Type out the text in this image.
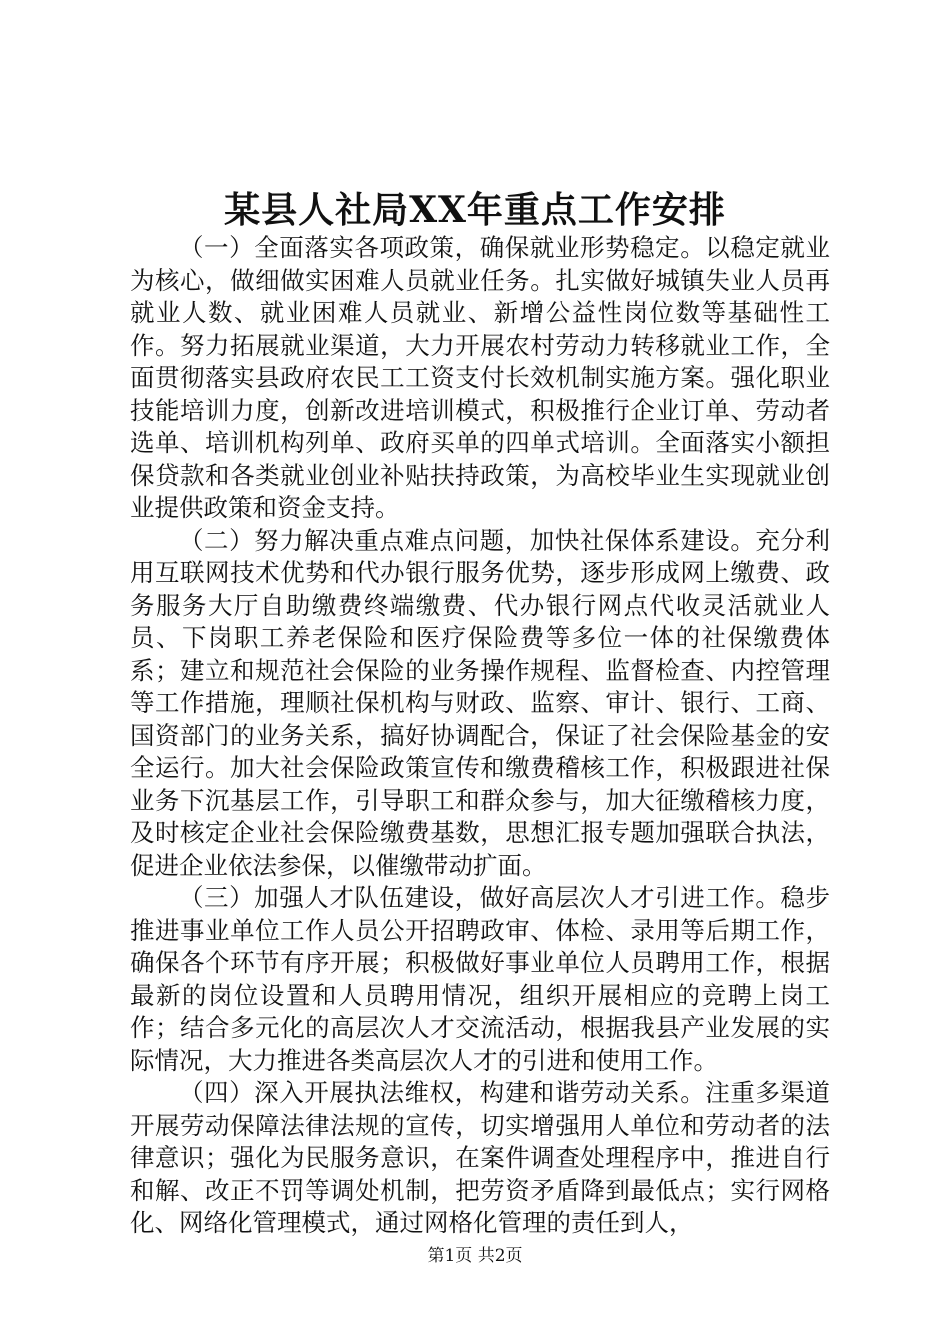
某县人社局XX年重点工作安排

（一）全面落实各项政策，确保就业形势稳定。以稳定就业为核心，做细做实困难人员就业任务。扎实做好城镇失业人员再就业人数、就业困难人员就业、新增公益性岗位数等基础性工作。努力拓展就业渠道，大力开展农村劳动力转移就业工作，全面贯彻落实县政府农民工工资支付长效机制实施方案。强化职业技能培训力度，创新改进培训模式，积极推行企业订单、劳动者选单、培训机构列单、政府买单的四单式培训。全面落实小额担保贷款和各类就业创业补贴扶持政策，为高校毕业生实现就业创业提供政策和资金支持。

（二）努力解决重点难点问题，加快社保体系建设。充分利用互联网技术优势和代办银行服务优势，逐步形成网上缴费、政务服务大厅自助缴费终端缴费、代办银行网点代收灵活就业人员、下岗职工养老保险和医疗保险费等多位一体的社保缴费体系；建立和规范社会保险的业务操作规程、监督检查、内控管理等工作措施，理顺社保机构与财政、监察、审计、银行、工商、国资部门的业务关系，搞好协调配合，保证了社会保险基金的安全运行。加大社会保险政策宣传和缴费稽核工作，积极跟进社保业务下沉基层工作，引导职工和群众参与，加大征缴稽核力度，及时核定企业社会保险缴费基数，思想汇报专题加强联合执法，促进企业依法参保，以催缴带动扩面。

（三）加强人才队伍建设，做好高层次人才引进工作。稳步推进事业单位工作人员公开招聘政审、体检、录用等后期工作，确保各个环节有序开展；积极做好事业单位人员聘用工作，根据最新的岗位设置和人员聘用情况，组织开展相应的竞聘上岗工作；结合多元化的高层次人才交流活动，根据我县产业发展的实际情况，大力推进各类高层次人才的引进和使用工作。

（四）深入开展执法维权，构建和谐劳动关系。注重多渠道开展劳动保障法律法规的宣传，切实增强用人单位和劳动者的法律意识；强化为民服务意识，在案件调查处理程序中，推进自行和解、改正不罚等调处机制，把劳资矛盾降到最低点；实行网格化、网络化管理模式，通过网格化管理的责任到人，

第1页 共2页
